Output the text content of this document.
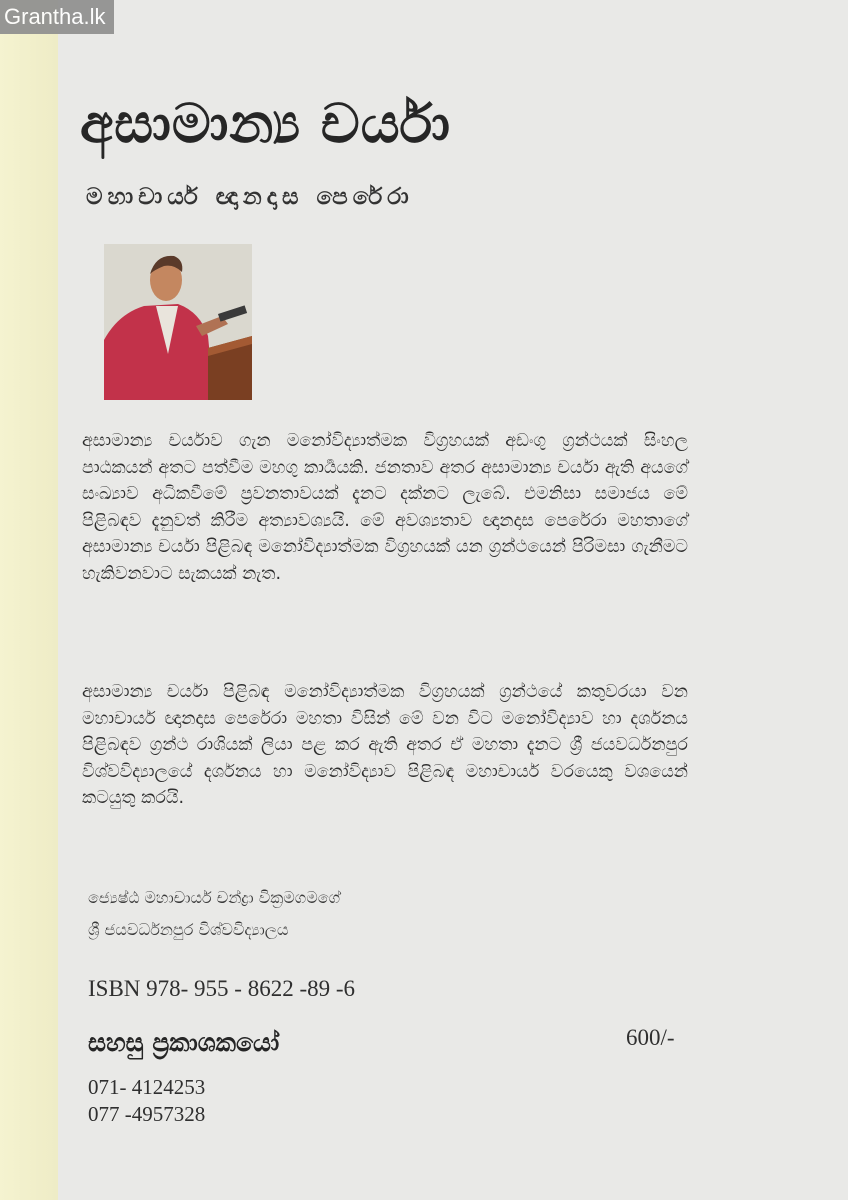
Grantha.lk
අසාමාන්‍ය චර්යා
මහාචාර්ය ඥානදාස පෙරේරා

අසාමාන්‍ය චර්යාව ගැන මනෝවිද්‍යාත්මක විග්‍රහයක් අඩංගු ග්‍රන්ථයක් සිංහල පාඨකයන් අතට පත්වීම මහගු කාර්‍යයකි. ජනතාව අතර අසාමාන්‍ය චර්යා ඇති අයගේ සංඛ්‍යාව අධිකවීමේ ප්‍රවනතාවයක් දැනට දක්නට ලැබේ. එමනිසා සමාජය මේ පිළිබඳව දැනුවත් කිරීම අත්‍යාවශ්‍යයි. මේ අවශ්‍යතාව ඥානදාස පෙරේරා මහතාගේ අසාමාන්‍ය චර්යා පිළිබඳ මනෝවිද්‍යාත්මක විග්‍රහයක් යන ග්‍රන්ථයෙන් පිරිමසා ගැනීමට හැකිවනවාට සැකයක් නැත.

අසාමාන්‍ය චර්යා පිළිබඳ මනෝවිද්‍යාත්මක විග්‍රහයක් ග්‍රන්ථයේ කතුවරයා වන මහාචාර්ය ඥානදාස පෙරේරා මහතා විසින් මේ වන විට මනෝවිද්‍යාව හා දර්ශනය පිළිබඳව ග්‍රන්ථ රාශියක් ලියා පළ කර ඇති අතර ඒ මහතා දැනට ශ්‍රී ජයවර්ධනපුර විශ්වවිද්‍යාලයේ දර්ශනය හා මනෝවිද්‍යාව පිළිබඳ මහාචාර්ය වරයෙකු වශයෙන් කටයුතු කරයි.

ජ්‍යෙෂ්ඨ මහාචාර්ය චන්ද්‍රා වික්‍රමගමගේ
ශ්‍රී ජයවර්ධනපුර විශ්වවිද්‍යාලය

ISBN 978- 955 - 8622 -89 -6

සහසු ප්‍රකාශකයෝ	600/-

071- 4124253

077 -4957328
